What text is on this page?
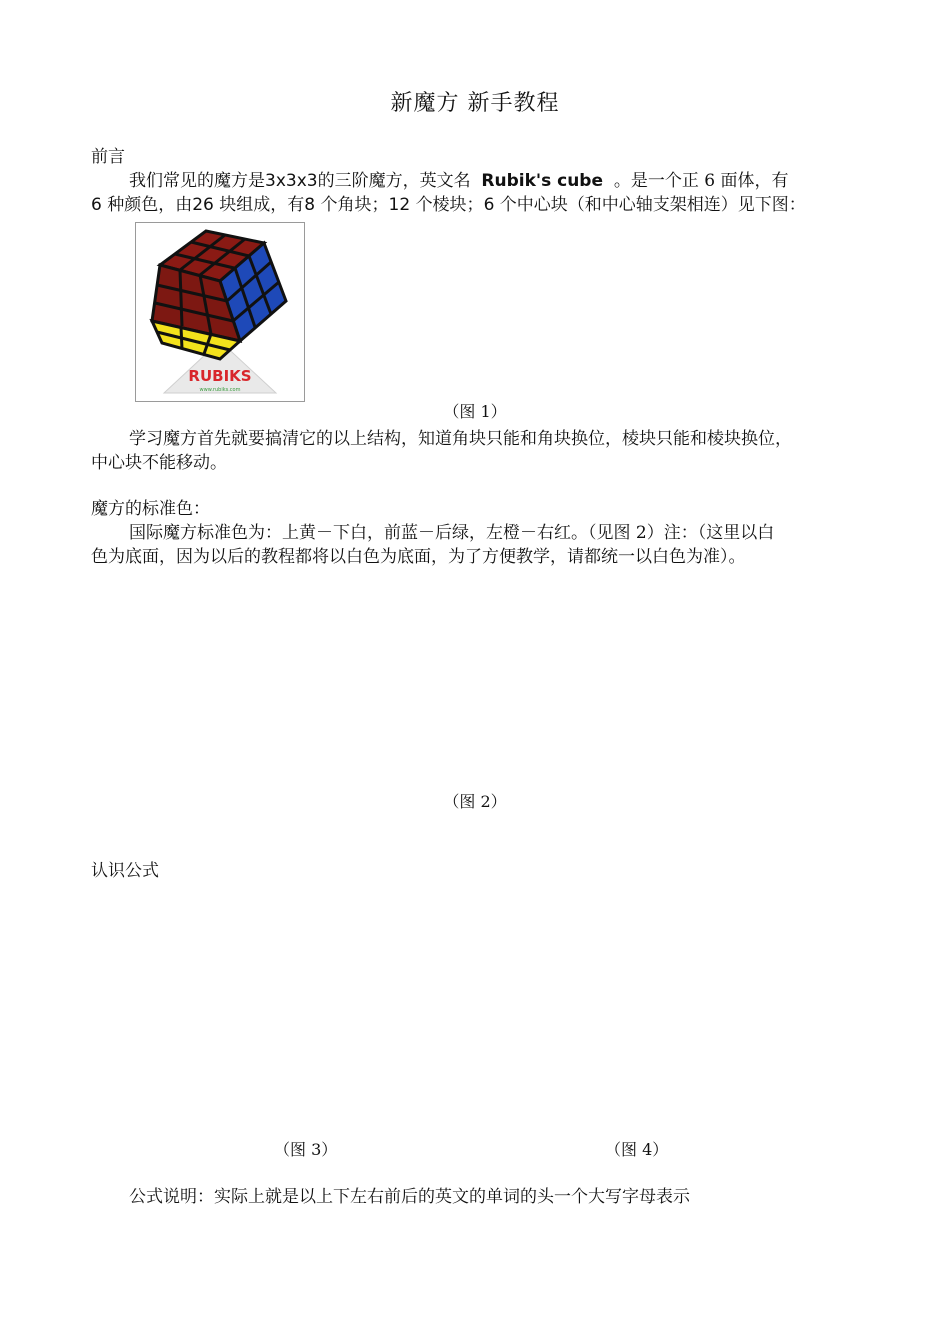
新魔方 新手教程
前言
我们常见的魔方是3x3x3的三阶魔方，英文名 Rubik's cube 。是一个正 6 面体，有
6 种颜色，由26 块组成，有8 个角块；12 个棱块；6 个中心块（和中心轴支架相连）见下图：
RUBIKS
www.rubiks.com
（图 1）
学习魔方首先就要搞清它的以上结构，知道角块只能和角块换位，棱块只能和棱块换位，
中心块不能移动。
魔方的标准色：
国际魔方标准色为：上黄－下白，前蓝－后绿，左橙－右红。（见图 2）注：（这里以白
色为底面，因为以后的教程都将以白色为底面，为了方便教学，请都统一以白色为准）。
（图 2）
认识公式
（图 3）	（图 4）
公式说明：实际上就是以上下左右前后的英文的单词的头一个大写字母表示
